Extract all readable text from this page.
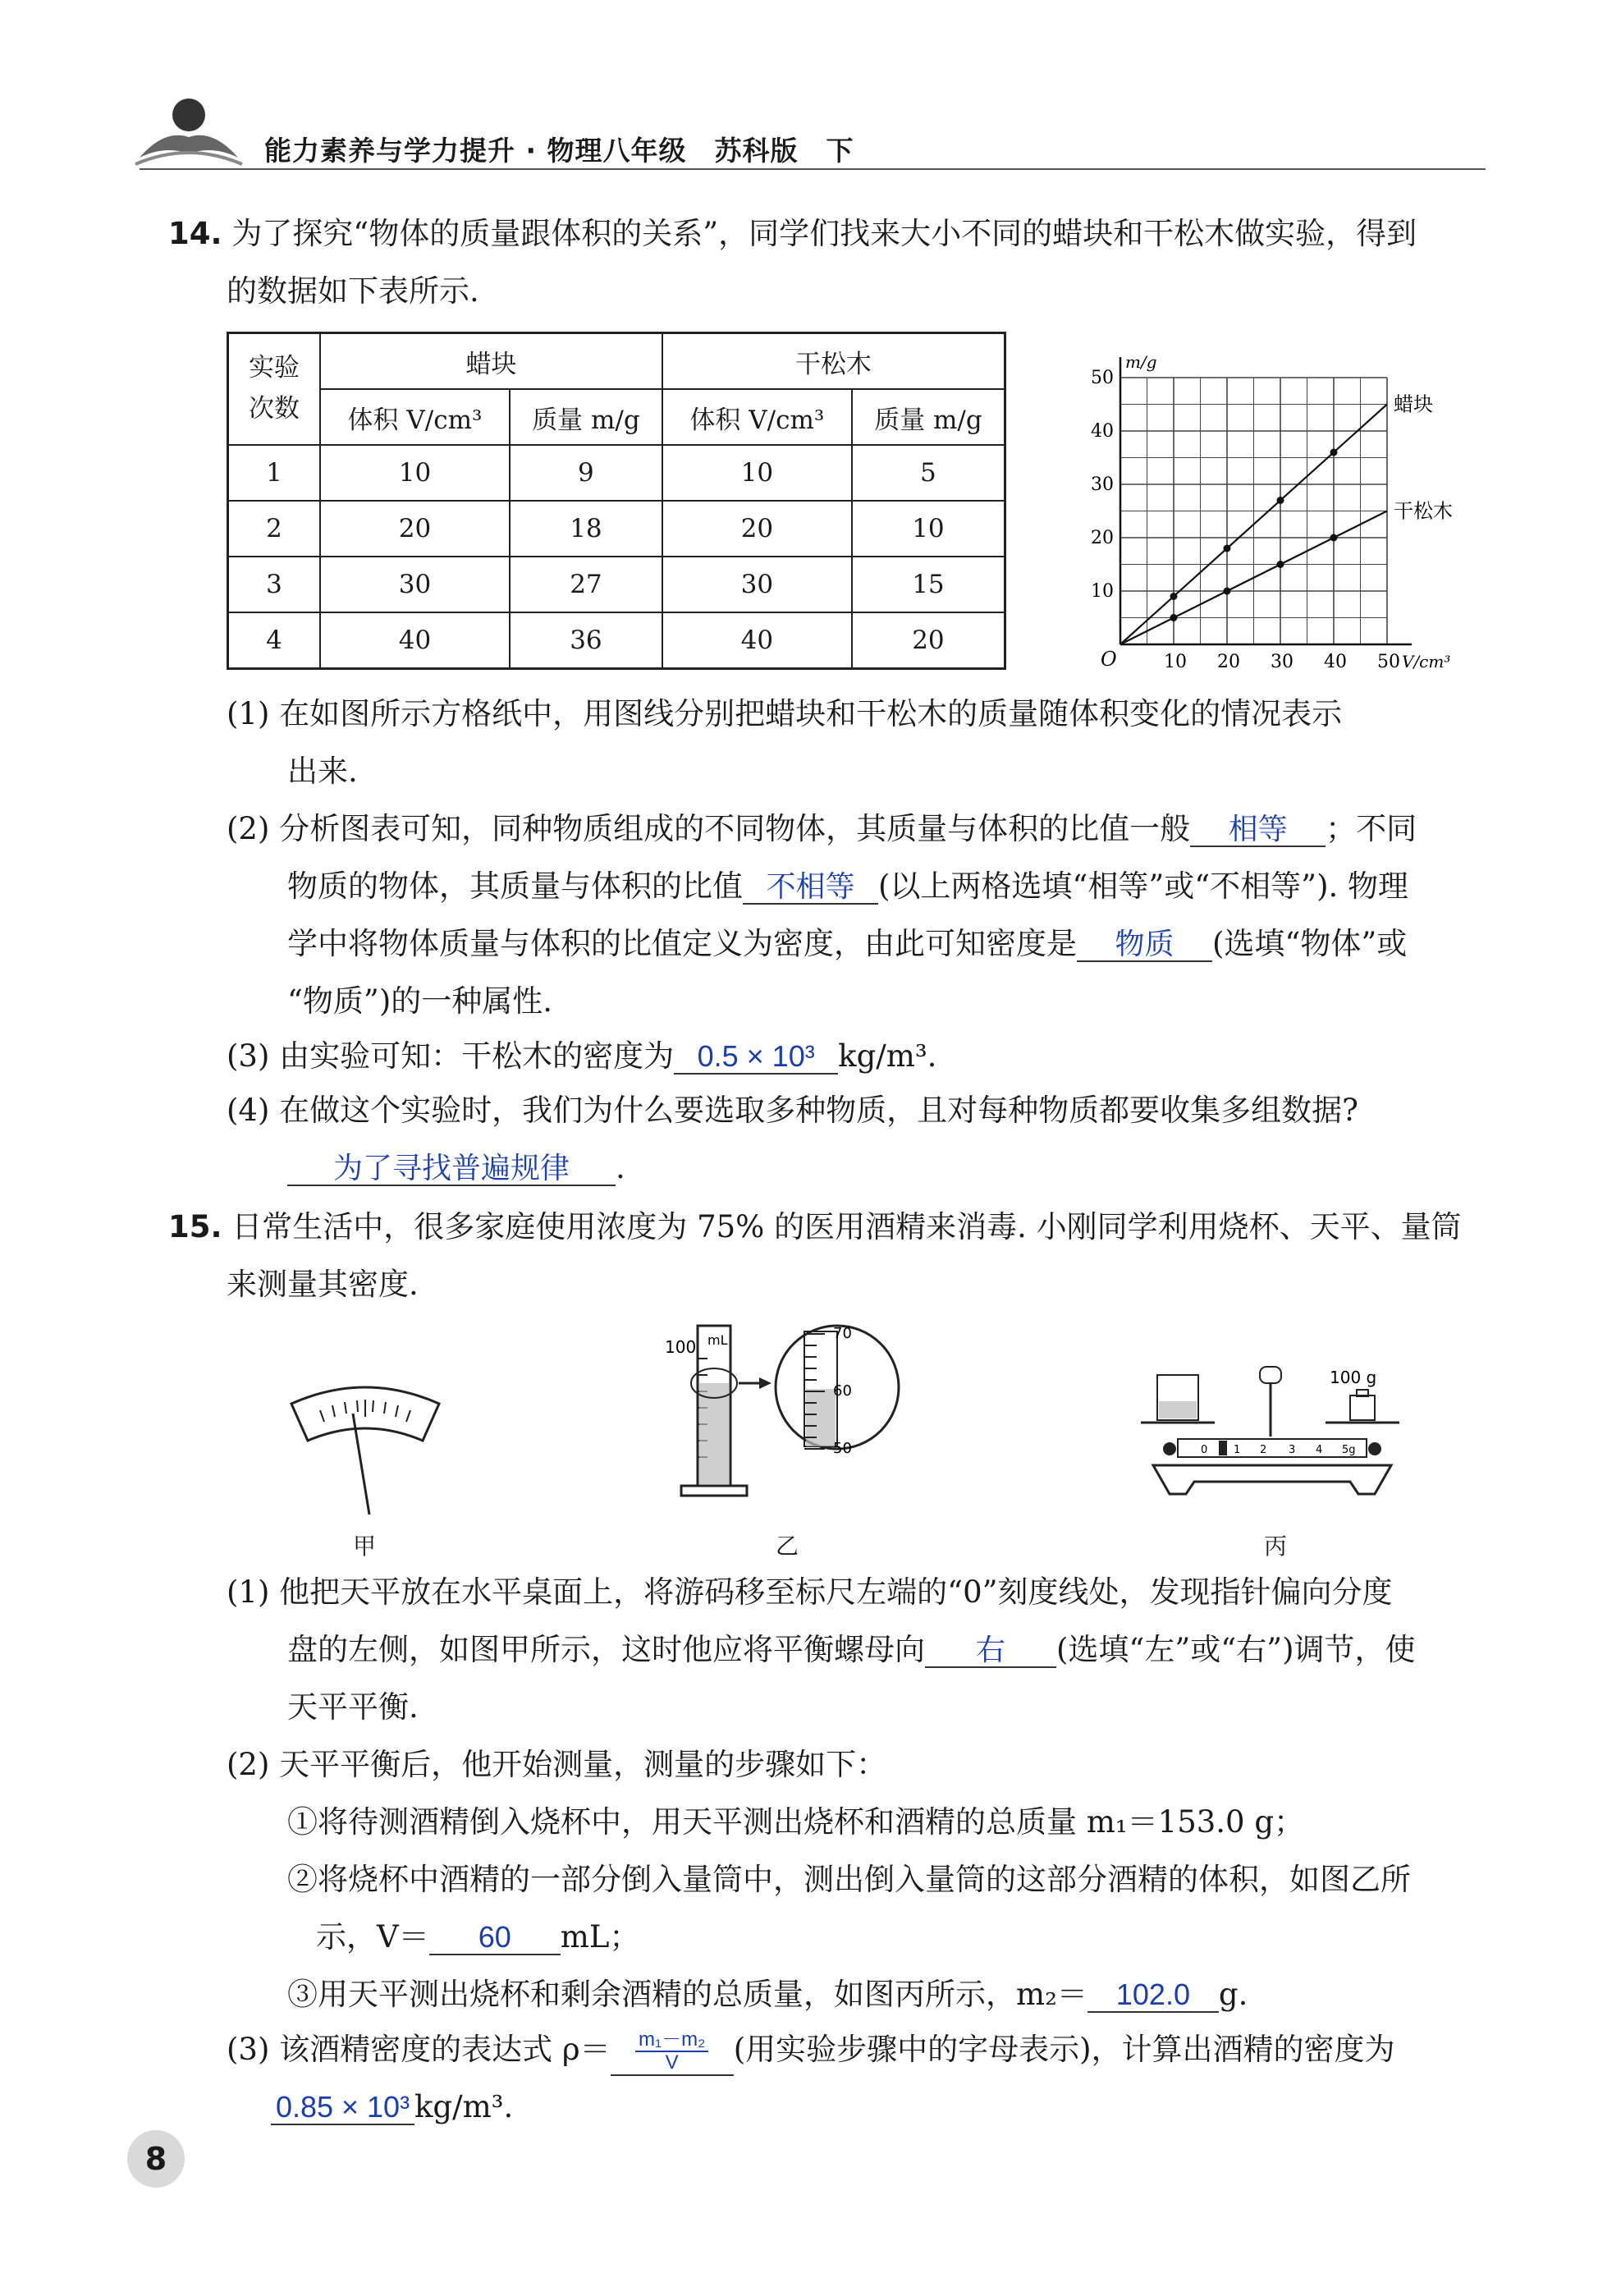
能力素养与学力提升 · 物理八年级　苏科版　下
14. 为了探究“物体的质量跟体积的关系”，同学们找来大小不同的蜡块和干松木做实验，得到
的数据如下表所示.
实验
次数	蜡块		干松木	
	体积 V/cm³	质量 m/g	体积 V/cm³	质量 m/g
1	10	9	10	5
2	20	18	20	10
3	30	27	30	15
4	40	36	40	20
10 20 30 40 50
10
20
30
40
50
O	V/cm³
m/g
蜡块
干松木
(1) 在如图所示方格纸中，用图线分别把蜡块和干松木的质量随体积变化的情况表示
出来.
(2) 分析图表可知，同种物质组成的不同物体，其质量与体积的比值一般 相等 ；不同
物质的物体，其质量与体积的比值 不相等 (以上两格选填“相等”或“不相等”). 物理
学中将物体质量与体积的比值定义为密度，由此可知密度是 物质 (选填“物体”或
“物质”)的一种属性.
(3) 由实验可知：干松木的密度为 0.5 × 10³ kg/m³.
(4) 在做这个实验时，我们为什么要选取多种物质，且对每种物质都要收集多组数据?
为了寻找普遍规律 .
15. 日常生活中，很多家庭使用浓度为 75% 的医用酒精来消毒. 小刚同学利用烧杯、天平、量筒
来测量其密度.
甲
mL
100
70
60
50
乙
100 g
0 1 2 3 4 5g
丙
(1) 他把天平放在水平桌面上，将游码移至标尺左端的“0”刻度线处，发现指针偏向分度
盘的左侧，如图甲所示，这时他应将平衡螺母向 右 (选填“左”或“右”)调节，使
天平平衡.
(2) 天平平衡后，他开始测量，测量的步骤如下：
①将待测酒精倒入烧杯中，用天平测出烧杯和酒精的总质量 m₁＝153.0 g；
②将烧杯中酒精的一部分倒入量筒中，测出倒入量筒的这部分酒精的体积，如图乙所
示，V＝ 60 mL；
③用天平测出烧杯和剩余酒精的总质量，如图丙所示，m₂＝ 102.0 g.
(3) 该酒精密度的表达式 $\rho= \frac{\text{m₁－m₂}}{V}$ (用实验步骤中的字母表示)，计算出酒精的密度为
0.85 × 10³ kg/m³.
8
